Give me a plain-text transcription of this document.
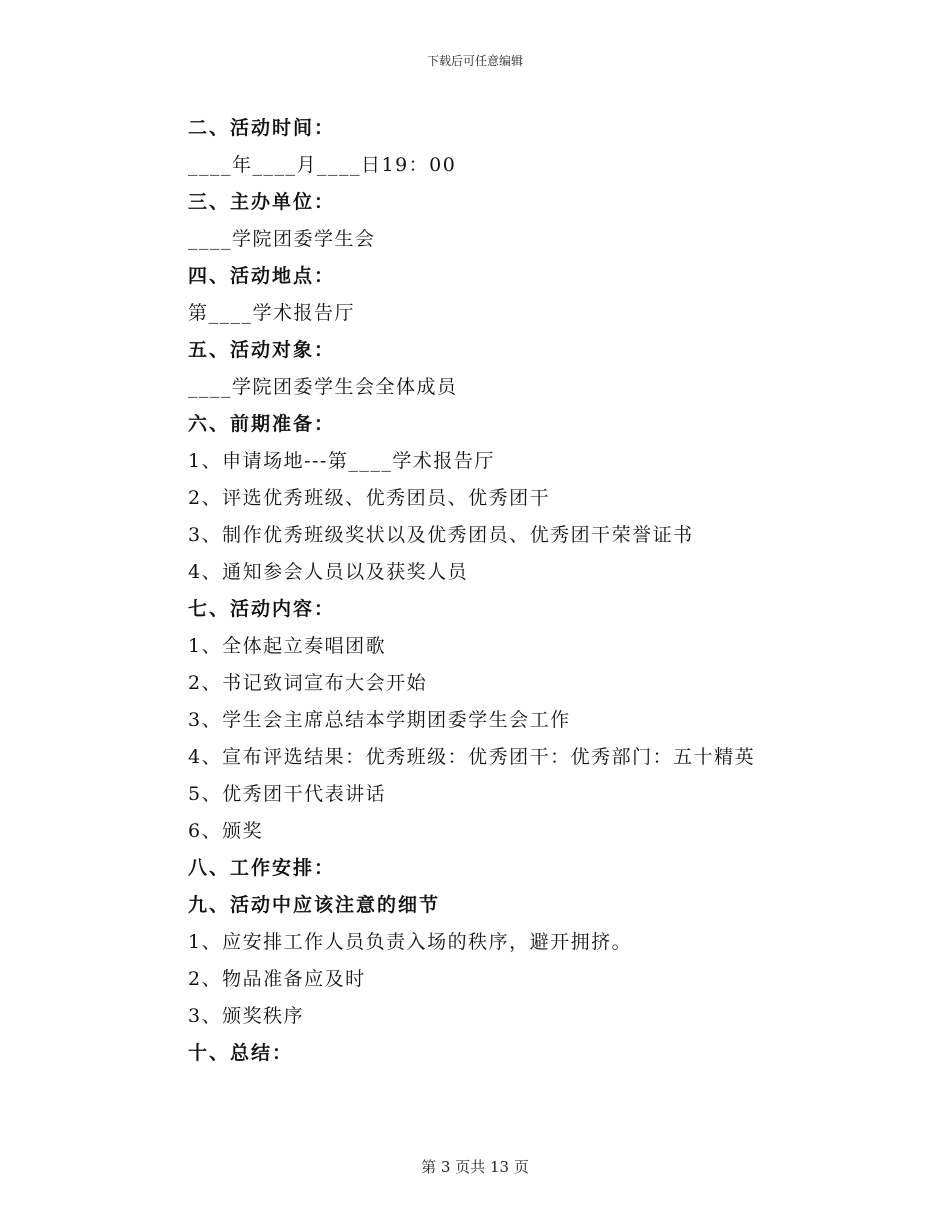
下载后可任意编辑
二、活动时间：
____年____月____日19：00
三、主办单位：
____学院团委学生会
四、活动地点：
第____学术报告厅
五、活动对象：
____学院团委学生会全体成员
六、前期准备：
1、申请场地---第____学术报告厅
2、评选优秀班级、优秀团员、优秀团干
3、制作优秀班级奖状以及优秀团员、优秀团干荣誉证书
4、通知参会人员以及获奖人员
七、活动内容：
1、全体起立奏唱团歌
2、书记致词宣布大会开始
3、学生会主席总结本学期团委学生会工作
4、宣布评选结果：优秀班级：优秀团干：优秀部门：五十精英
5、优秀团干代表讲话
6、颁奖
八、工作安排：
九、活动中应该注意的细节
1、应安排工作人员负责入场的秩序，避开拥挤。
2、物品准备应及时
3、颁奖秩序
十、总结：
第 3 页共 13 页
